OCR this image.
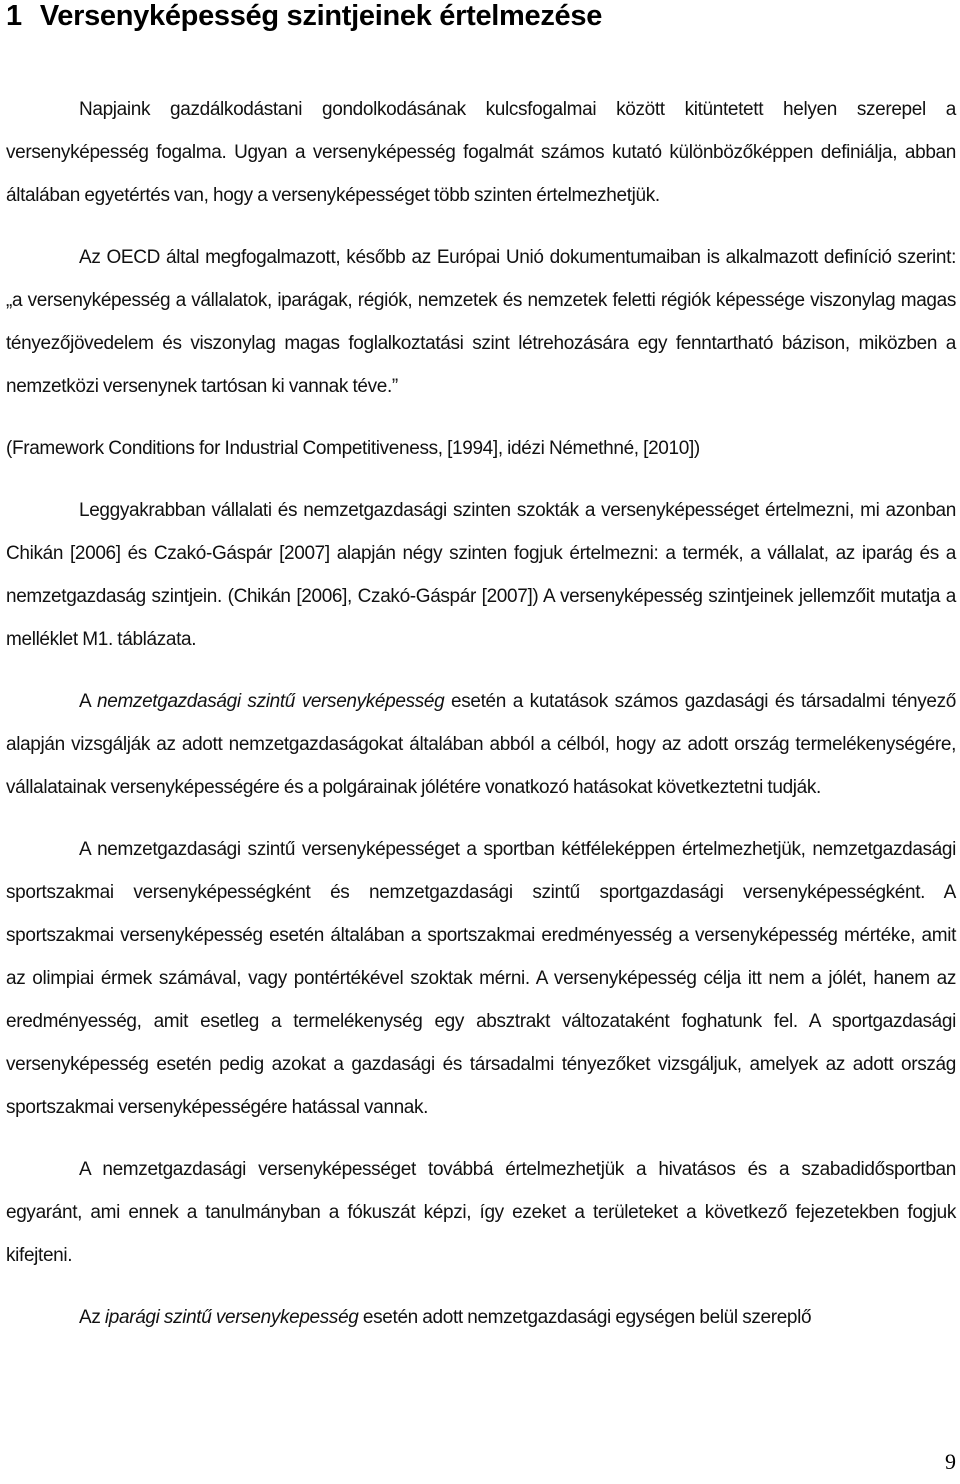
1 Versenyképesség szintjeinek értelmezése

Napjaink gazdálkodástani gondolkodásának kulcsfogalmai között kitüntetett helyen szerepel a versenyképesség fogalma. Ugyan a versenyképesség fogalmát számos kutató különbözőképpen definiálja, abban általában egyetértés van, hogy a versenyképességet több szinten értelmezhetjük.

Az OECD által megfogalmazott, később az Európai Unió dokumentumaiban is alkalmazott definíció szerint: „a versenyképesség a vállalatok, iparágak, régiók, nemzetek és nemzetek feletti régiók képessége viszonylag magas tényezőjövedelem és viszonylag magas foglalkoztatási szint létrehozására egy fenntartható bázison, miközben a nemzetközi versenynek tartósan ki vannak téve.”

(Framework Conditions for Industrial Competitiveness, [1994], idézi Némethné, [2010])

Leggyakrabban vállalati és nemzetgazdasági szinten szokták a versenyképességet értelmezni, mi azonban Chikán [2006] és Czakó-Gáspár [2007] alapján négy szinten fogjuk értelmezni: a termék, a vállalat, az iparág és a nemzetgazdaság szintjein. (Chikán [2006], Czakó-Gáspár [2007]) A versenyképesség szintjeinek jellemzőit mutatja a melléklet M1. táblázata.

A nemzetgazdasági szintű versenyképesség esetén a kutatások számos gazdasági és társadalmi tényező alapján vizsgálják az adott nemzetgazdaságokat általában abból a célból, hogy az adott ország termelékenységére, vállalatainak versenyképességére és a polgárainak jólétére vonatkozó hatásokat következtetni tudják.

A nemzetgazdasági szintű versenyképességet a sportban kétféleképpen értelmezhetjük, nemzetgazdasági sportszakmai versenyképességként és nemzetgazdasági szintű sportgazdasági versenyképességként. A sportszakmai versenyképesség esetén általában a sportszakmai eredményesség a versenyképesség mértéke, amit az olimpiai érmek számával, vagy pontértékével szoktak mérni. A versenyképesség célja itt nem a jólét, hanem az eredményesség, amit esetleg a termelékenység egy absztrakt változataként foghatunk fel. A sportgazdasági versenyképesség esetén pedig azokat a gazdasági és társadalmi tényezőket vizsgáljuk, amelyek az adott ország sportszakmai versenyképességére hatással vannak.

A nemzetgazdasági versenyképességet továbbá értelmezhetjük a hivatásos és a szabadidősportban egyaránt, ami ennek a tanulmányban a fókuszát képzi, így ezeket a területeket a következő fejezetekben fogjuk kifejteni.

Az iparági szintű versenykepesség esetén adott nemzetgazdasági egységen belül szereplő

9
